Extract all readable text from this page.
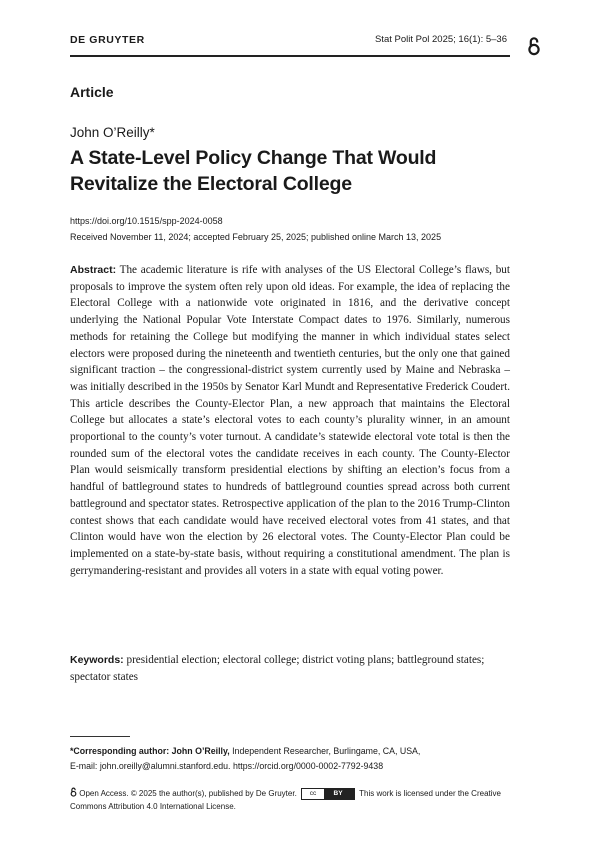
DE GRUYTER	Stat Polit Pol 2025; 16(1): 5–36
Article
John O’Reilly*
A State-Level Policy Change That Would Revitalize the Electoral College
https://doi.org/10.1515/spp-2024-0058
Received November 11, 2024; accepted February 25, 2025; published online March 13, 2025
Abstract: The academic literature is rife with analyses of the US Electoral College’s flaws, but proposals to improve the system often rely upon old ideas. For example, the idea of replacing the Electoral College with a nationwide vote originated in 1816, and the derivative concept underlying the National Popular Vote Interstate Compact dates to 1976. Similarly, numerous methods for retaining the College but modifying the manner in which individual states select electors were proposed during the nineteenth and twentieth centuries, but the only one that gained significant traction – the congressional-district system currently used by Maine and Nebraska – was initially described in the 1950s by Senator Karl Mundt and Representative Frederick Coudert. This article describes the County-Elector Plan, a new approach that maintains the Electoral College but allocates a state’s electoral votes to each county’s plurality winner, in an amount proportional to the county’s voter turnout. A candidate’s statewide electoral vote total is then the rounded sum of the electoral votes the candidate receives in each county. The County-Elector Plan would seismically transform presidential elections by shifting an election’s focus from a handful of battleground states to hundreds of battleground counties spread across both current battleground and spectator states. Retrospective application of the plan to the 2016 Trump-Clinton contest shows that each candidate would have received electoral votes from 41 states, and that Clinton would have won the election by 26 electoral votes. The County-Elector Plan could be implemented on a state-by-state basis, without requiring a constitutional amendment. The plan is gerrymandering-resistant and provides all voters in a state with equal voting power.
Keywords: presidential election; electoral college; district voting plans; battleground states; spectator states
*Corresponding author: John O’Reilly, Independent Researcher, Burlingame, CA, USA,
E-mail: john.oreilly@alumni.stanford.edu. https://orcid.org/0000-0002-7792-9438
Open Access. © 2025 the author(s), published by De Gruyter. cc	BY This work is licensed under the Creative Commons Attribution 4.0 International License.
